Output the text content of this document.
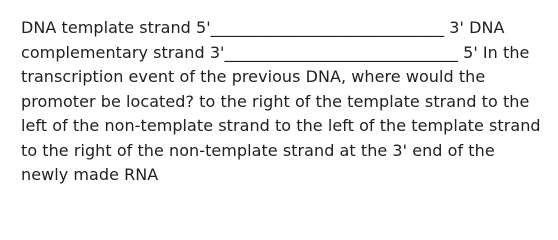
DNA template strand 5'_____________________________ 3' DNA complementary strand 3'_____________________________ 5' In the transcription event of the previous DNA, where would the promoter be located? to the right of the template strand to the left of the non-template strand to the left of the template strand to the right of the non-template strand at the 3' end of the newly made RNA
